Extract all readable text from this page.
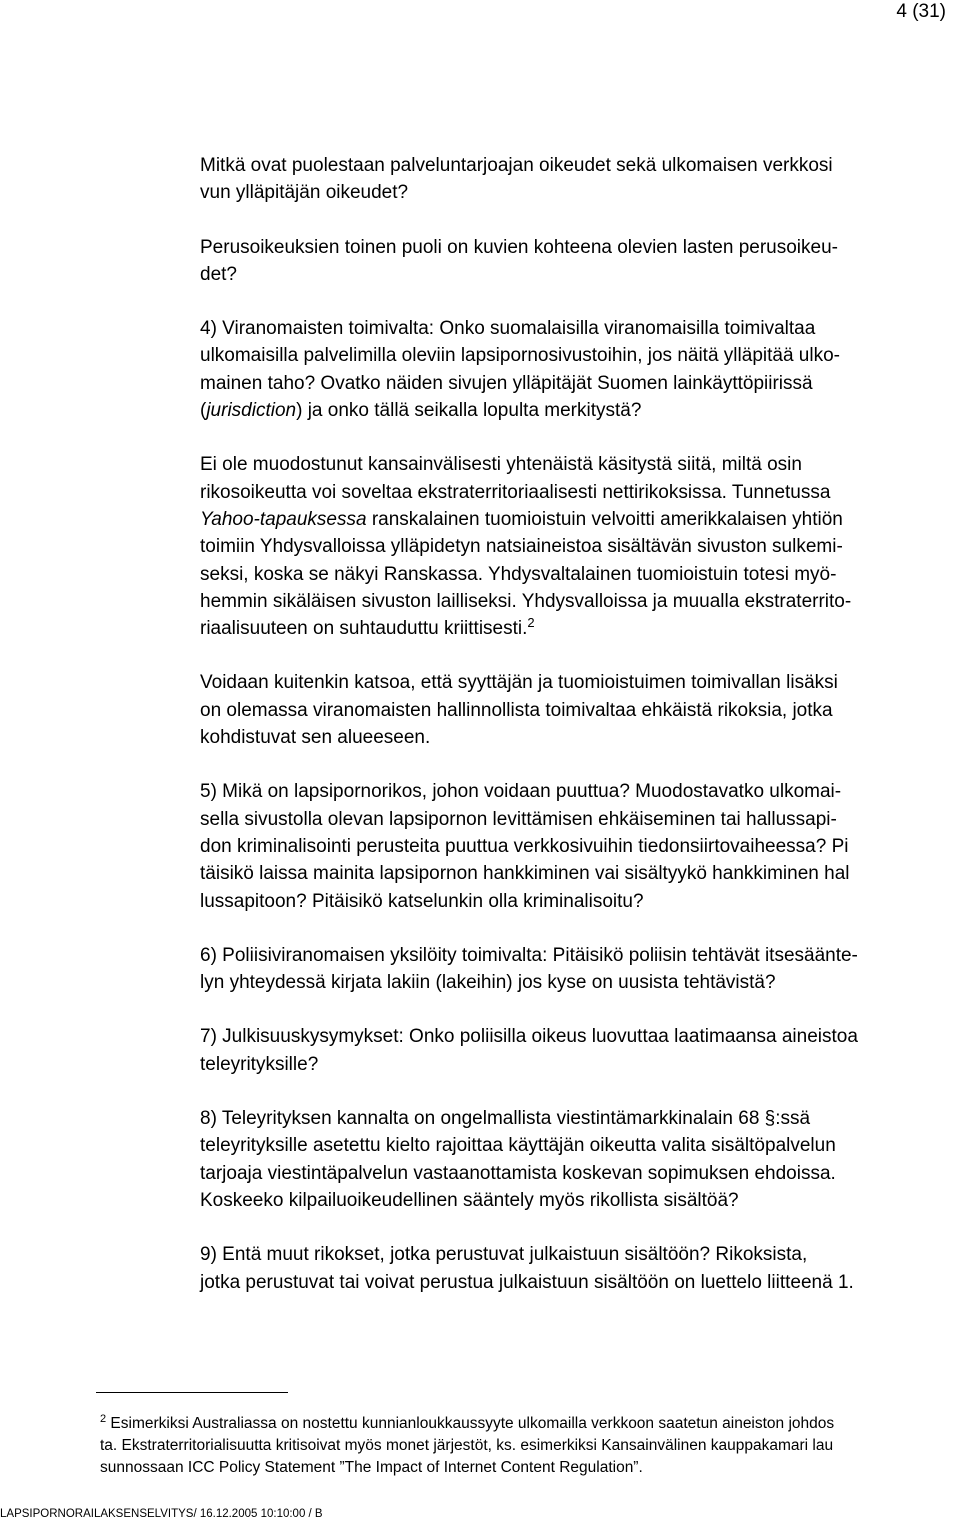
4 (31)

Mitkä ovat puolestaan palveluntarjoajan oikeudet sekä ulkomaisen verkkosi
vun ylläpitäjän oikeudet?

Perusoikeuksien toinen puoli on kuvien kohteena olevien lasten perusoikeu-
det?

4) Viranomaisten toimivalta: Onko suomalaisilla viranomaisilla toimivaltaa
ulkomaisilla palvelimilla oleviin lapsipornosivustoihin, jos näitä ylläpitää ulko-
mainen taho? Ovatko näiden sivujen ylläpitäjät Suomen lainkäyttöpiirissä
(jurisdiction) ja onko tällä seikalla lopulta merkitystä?

Ei ole muodostunut kansainvälisesti yhtenäistä käsitystä siitä, miltä osin
rikosoikeutta voi soveltaa ekstraterritoriaalisesti nettirikoksissa. Tunnetussa
Yahoo-tapauksessa ranskalainen tuomioistuin velvoitti amerikkalaisen yhtiön
toimiin Yhdysvalloissa ylläpidetyn natsiaineistoa sisältävän sivuston sulkemi-
seksi, koska se näkyi Ranskassa. Yhdysvaltalainen tuomioistuin totesi myö-
hemmin sikäläisen sivuston lailliseksi. Yhdysvalloissa ja muualla ekstraterrito-
riaalisuuteen on suhtauduttu kriittisesti.$^2$

Voidaan kuitenkin katsoa, että syyttäjän ja tuomioistuimen toimivallan lisäksi
on olemassa viranomaisten hallinnollista toimivaltaa ehkäistä rikoksia, jotka
kohdistuvat sen alueeseen.

5) Mikä on lapsipornorikos, johon voidaan puuttua? Muodostavatko ulkomai-
sella sivustolla olevan lapsipornon levittämisen ehkäiseminen tai hallussapi-
don kriminalisointi perusteita puuttua verkkosivuihin tiedonsiirtovaiheessa? Pi
täisikö laissa mainita lapsipornon hankkiminen vai sisältyykö hankkiminen hal
lussapitoon? Pitäisikö katselunkin olla kriminalisoitu?

6) Poliisiviranomaisen yksilöity toimivalta: Pitäisikö poliisin tehtävät itsesäänte-
lyn yhteydessä kirjata lakiin (lakeihin) jos kyse on uusista tehtävistä?

7) Julkisuuskysymykset: Onko poliisilla oikeus luovuttaa laatimaansa aineistoa
teleyrityksille?

8) Teleyrityksen kannalta on ongelmallista viestintämarkkinalain 68 §:ssä
teleyrityksille asetettu kielto rajoittaa käyttäjän oikeutta valita sisältöpalvelun
tarjoaja viestintäpalvelun vastaanottamista koskevan sopimuksen ehdoissa.
Koskeeko kilpailuoikeudellinen sääntely myös rikollista sisältöä?

9) Entä muut rikokset, jotka perustuvat julkaistuun sisältöön? Rikoksista,
jotka perustuvat tai voivat perustua julkaistuun sisältöön on luettelo liitteenä 1.

$^2$ Esimerkiksi Australiassa on nostettu kunnianloukkaussyyte ulkomailla verkkoon saatetun aineiston johdos
ta. Ekstraterritorialisuutta kritisoivat myös monet järjestöt, ks. esimerkiksi Kansainvälinen kauppakamari lau
sunnossaan ICC Policy Statement ”The Impact of Internet Content Regulation”.
LAPSIPORNORAILAKSENSELVITYS/ 16.12.2005 10:10:00 / B
